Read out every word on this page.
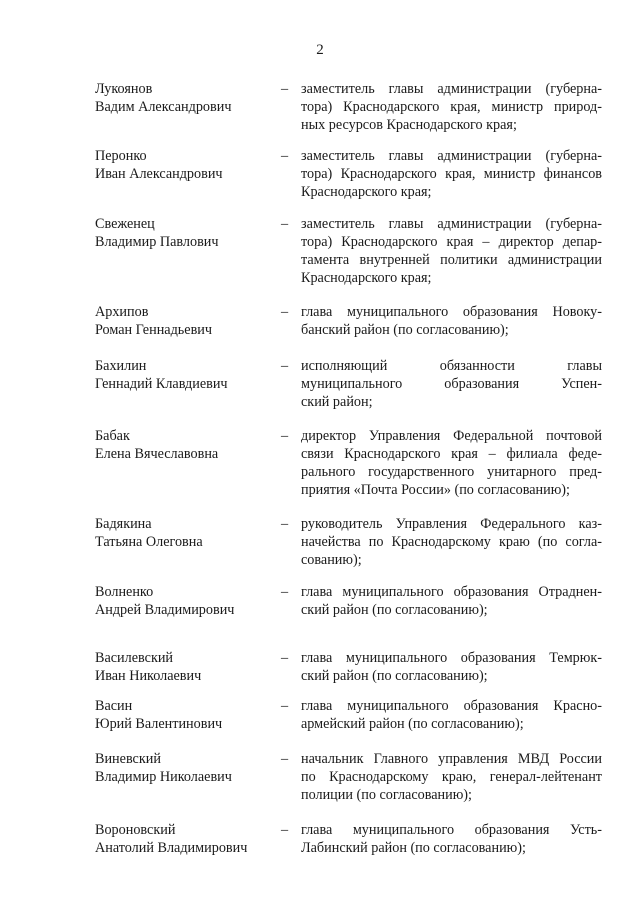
2
Лукоянов
Вадим Александрович
– заместитель главы администрации (губерна-
тора) Краснодарского края, министр природ-
ных ресурсов Краснодарского края;
Перонко
Иван Александрович
– заместитель главы администрации (губерна-
тора) Краснодарского края, министр финансов
Краснодарского края;
Свеженец
Владимир Павлович
– заместитель главы администрации (губерна-
тора) Краснодарского края – директор депар-
тамента внутренней политики администрации
Краснодарского края;
Архипов
Роман Геннадьевич
– глава муниципального образования Новоку-
банский район (по согласованию);
Бахилин
Геннадий Клавдиевич
– исполняющий обязанности главы
муниципального образования Успен-
ский район;
Бабак
Елена Вячеславовна
– директор Управления Федеральной почтовой
связи Краснодарского края – филиала феде-
рального государственного унитарного пред-
приятия «Почта России» (по согласованию);
Бадякина
Татьяна Олеговна
– руководитель Управления Федерального каз-
начейства по Краснодарскому краю (по согла-
сованию);
Волненко
Андрей Владимирович
– глава муниципального образования Отраднен-
ский район (по согласованию);
Василевский
Иван Николаевич
– глава муниципального образования Темрюк-
ский район (по согласованию);
Васин
Юрий Валентинович
– глава муниципального образования Красно-
армейский район (по согласованию);
Виневский
Владимир Николаевич
– начальник Главного управления МВД России
по Краснодарскому краю, генерал-лейтенант
полиции (по согласованию);
Вороновский
Анатолий Владимирович
– глава муниципального образования Усть-
Лабинский район (по согласованию);
